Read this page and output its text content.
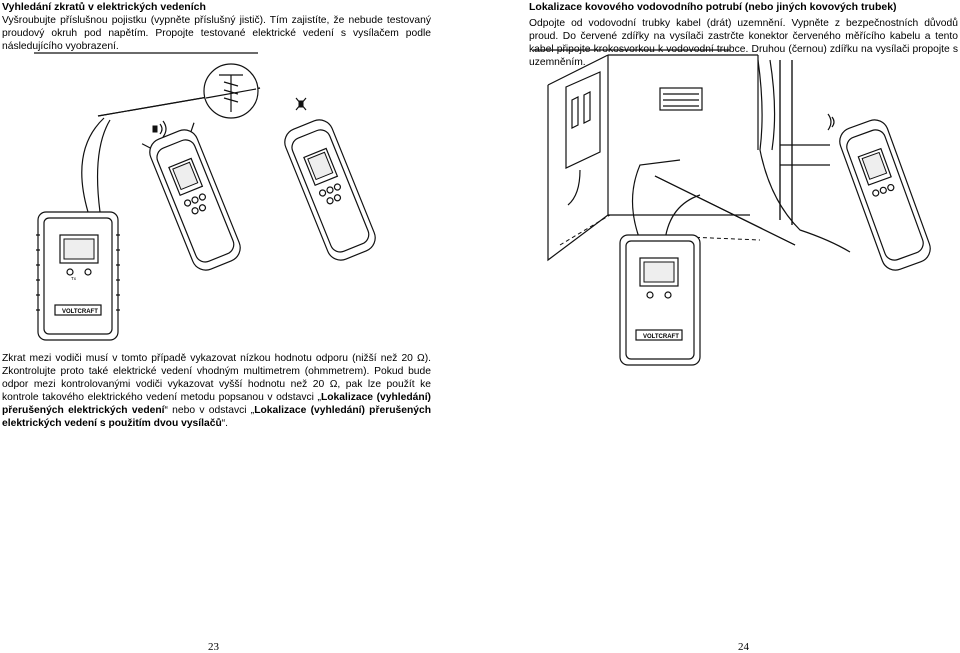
Vyhledání zkratů v elektrických vedeních
Vyšroubujte příslušnou pojistku (vypněte příslušný jistič). Tím zajistíte, že nebude testovaný proudový okruh pod napětím. Propojte testované elektrické vedení s vysílačem podle následujícího vyobrazení.
Zkrat mezi vodiči musí v tomto případě vykazovat nízkou hodnotu odporu (nižší než 20 Ω). Zkontrolujte proto také elektrické vedení vhodným multimetrem (ohmmetrem). Pokud bude odpor mezi kontrolovanými vodiči vykazovat vyšší hodnotu než 20 Ω, pak lze použít ke kontrole takového elektrického vedení metodu popsanou v odstavci „Lokalizace (vyhledání) přerušených elektrických vedení“ nebo v odstavci „Lokalizace (vyhledání) přerušených elektrických vedení s použitím dvou vysílačů“.
Lokalizace kovového vodovodního potrubí (nebo jiných kovových trubek)
Odpojte od vodovodní trubky kabel (drát) uzemnění. Vypněte z bezpečnostních důvodů proud. Do červené zdířky na vysílači zastrčte konektor červeného měřícího kabelu a tento kabel připojte krokosvorkou k vodovodní trubce. Druhou (černou) zdířku na vysílači propojte s uzemněním.
23	24
Tx
VOLTCRAFT
VOLTCRAFT
